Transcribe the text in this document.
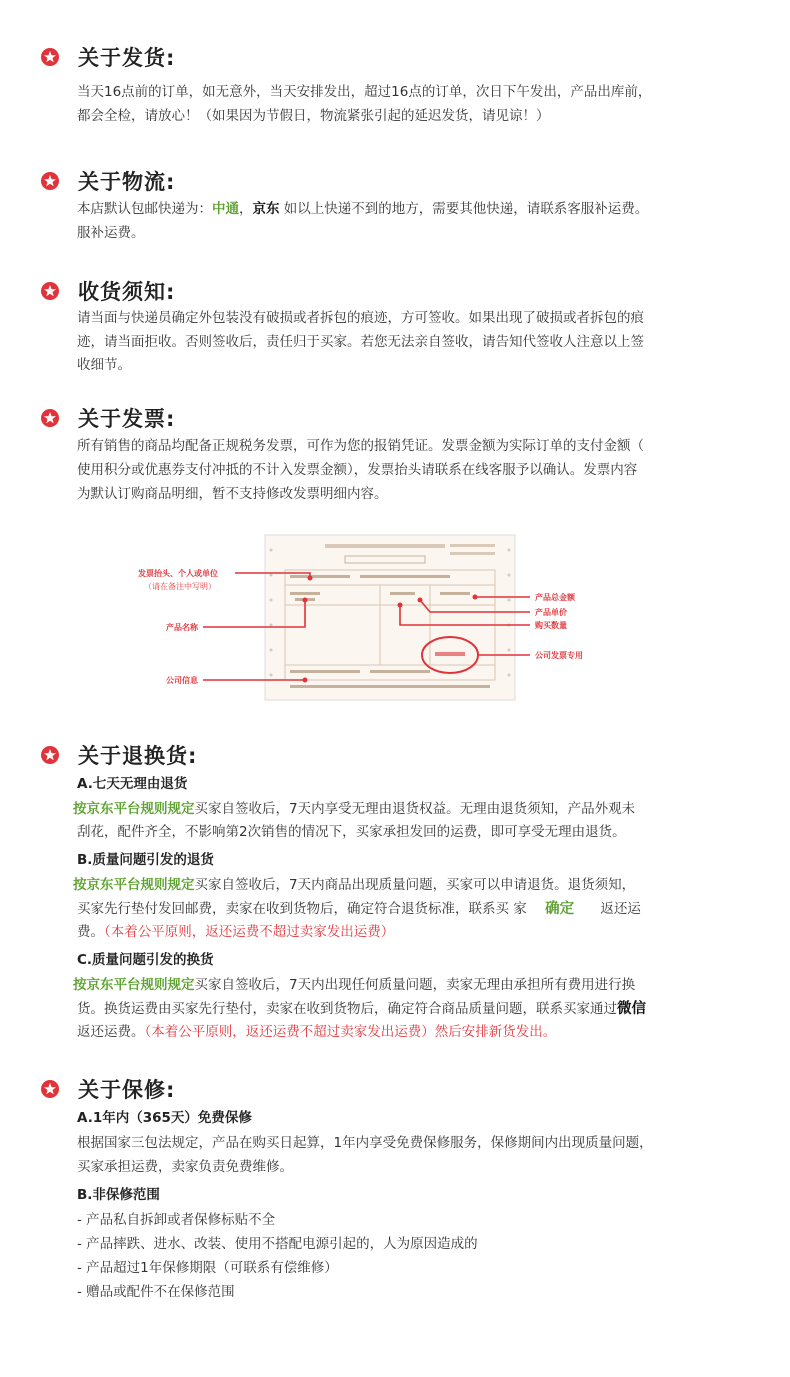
关于发货:
当天16点前的订单，如无意外，当天安排发出，超过16点的订单，次日下午发出，产品出库前，
都会全检，请放心！（如果因为节假日，物流紧张引起的延迟发货，请见谅！）
关于物流:
本店默认包邮快递为：中通，京东 如以上快递不到的地方，需要其他快递，请联系客服补运费。
服补运费。
收货须知:
请当面与快递员确定外包装没有破损或者拆包的痕迹，方可签收。如果出现了破损或者拆包的痕
迹，请当面拒收。否则签收后，责任归于买家。若您无法亲自签收，请告知代签收人注意以上签
收细节。
关于发票:
所有销售的商品均配备正规税务发票，可作为您的报销凭证。发票金额为实际订单的支付金额（
使用积分或优惠券支付冲抵的不计入发票金额），发票抬头请联系在线客服予以确认。发票内容
为默认订购商品明细，暂不支持修改发票明细内容。
发票抬头、个人或单位
（请在备注中写明）
产品名称
公司信息
产品总金额
产品单价
购买数量
公司发票专用
关于退换货:
A.七天无理由退货
按京东平台规则规定买家自签收后，7天内享受无理由退货权益。无理由退货须知，产品外观未
刮花，配件齐全，不影响第2次销售的情况下，买家承担发回的运费，即可享受无理由退货。
B.质量问题引发的退货
按京东平台规则规定买家自签收后，7天内商品出现质量问题，买家可以申请退货。退货须知，
买家先行垫付发回邮费，卖家在收到货物后，确定符合退货标准，联系买 家 确定 返还运
费。（本着公平原则，返还运费不超过卖家发出运费）
C.质量问题引发的换货
按京东平台规则规定买家自签收后，7天内出现任何质量问题，卖家无理由承担所有费用进行换
货。换货运费由买家先行垫付，卖家在收到货物后，确定符合商品质量问题，联系买家通过微信
返还运费。（本着公平原则，返还运费不超过卖家发出运费）然后安排新货发出。
关于保修:
A.1年内（365天）免费保修
根据国家三包法规定，产品在购买日起算，1年内享受免费保修服务，保修期间内出现质量问题，
买家承担运费，卖家负责免费维修。
B.非保修范围
- 产品私自拆卸或者保修标贴不全
- 产品摔跌、进水、改装、使用不搭配电源引起的，人为原因造成的
- 产品超过1年保修期限（可联系有偿维修）
- 赠品或配件不在保修范围
